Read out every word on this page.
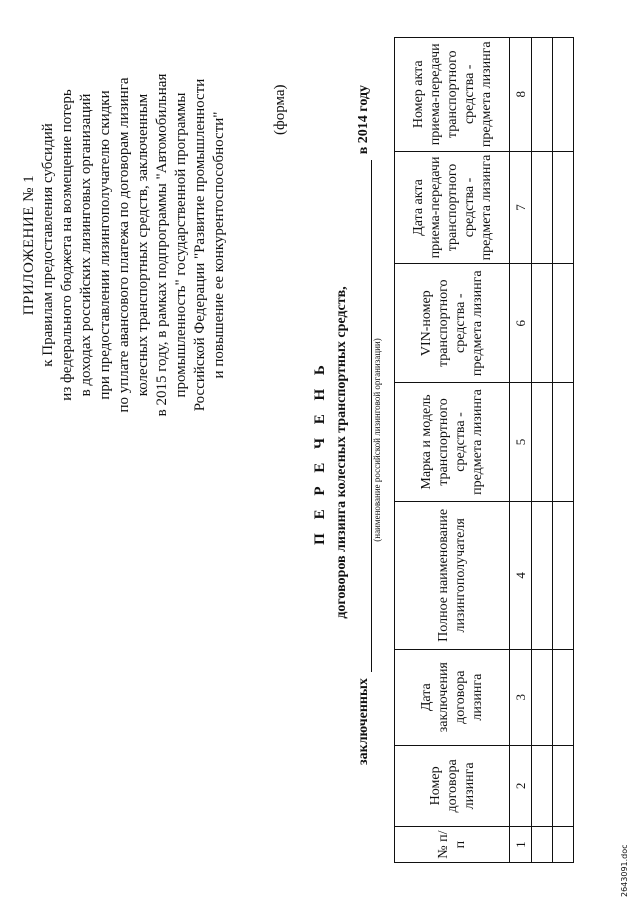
ПРИЛОЖЕНИЕ № 1 к Правилам предоставления субсидий из федерального бюджета на возмещение потерь в доходах российских лизинговых организаций при предоставлении лизингополучателю скидки по уплате авансового платежа по договорам лизинга колесных транспортных средств, заключенным в 2015 году, в рамках подпрограммы "Автомобильная промышленность" государственной программы Российской Федерации "Развитие промышленности и повышение ее конкурентоспособности"
(форма)
П Е Р Е Ч Е Н Ь договоров лизинга колесных транспортных средств,
заключенных
в 2014 году
(наименование российской лизинговой организации)
№ п/п	Номер договора лизинга	Дата заключения договора лизинга	Полное наименование лизингополучателя	Марка и модель транспортного средства - предмета лизинга	VIN-номер транспортного средства - предмета лизинга	Дата акта приема-передачи транспортного средства - предмета лизинга	Номер акта приема-передачи транспортного средства - предмета лизинга
1	2	3	4	5	6	7	8

2643091.doc
